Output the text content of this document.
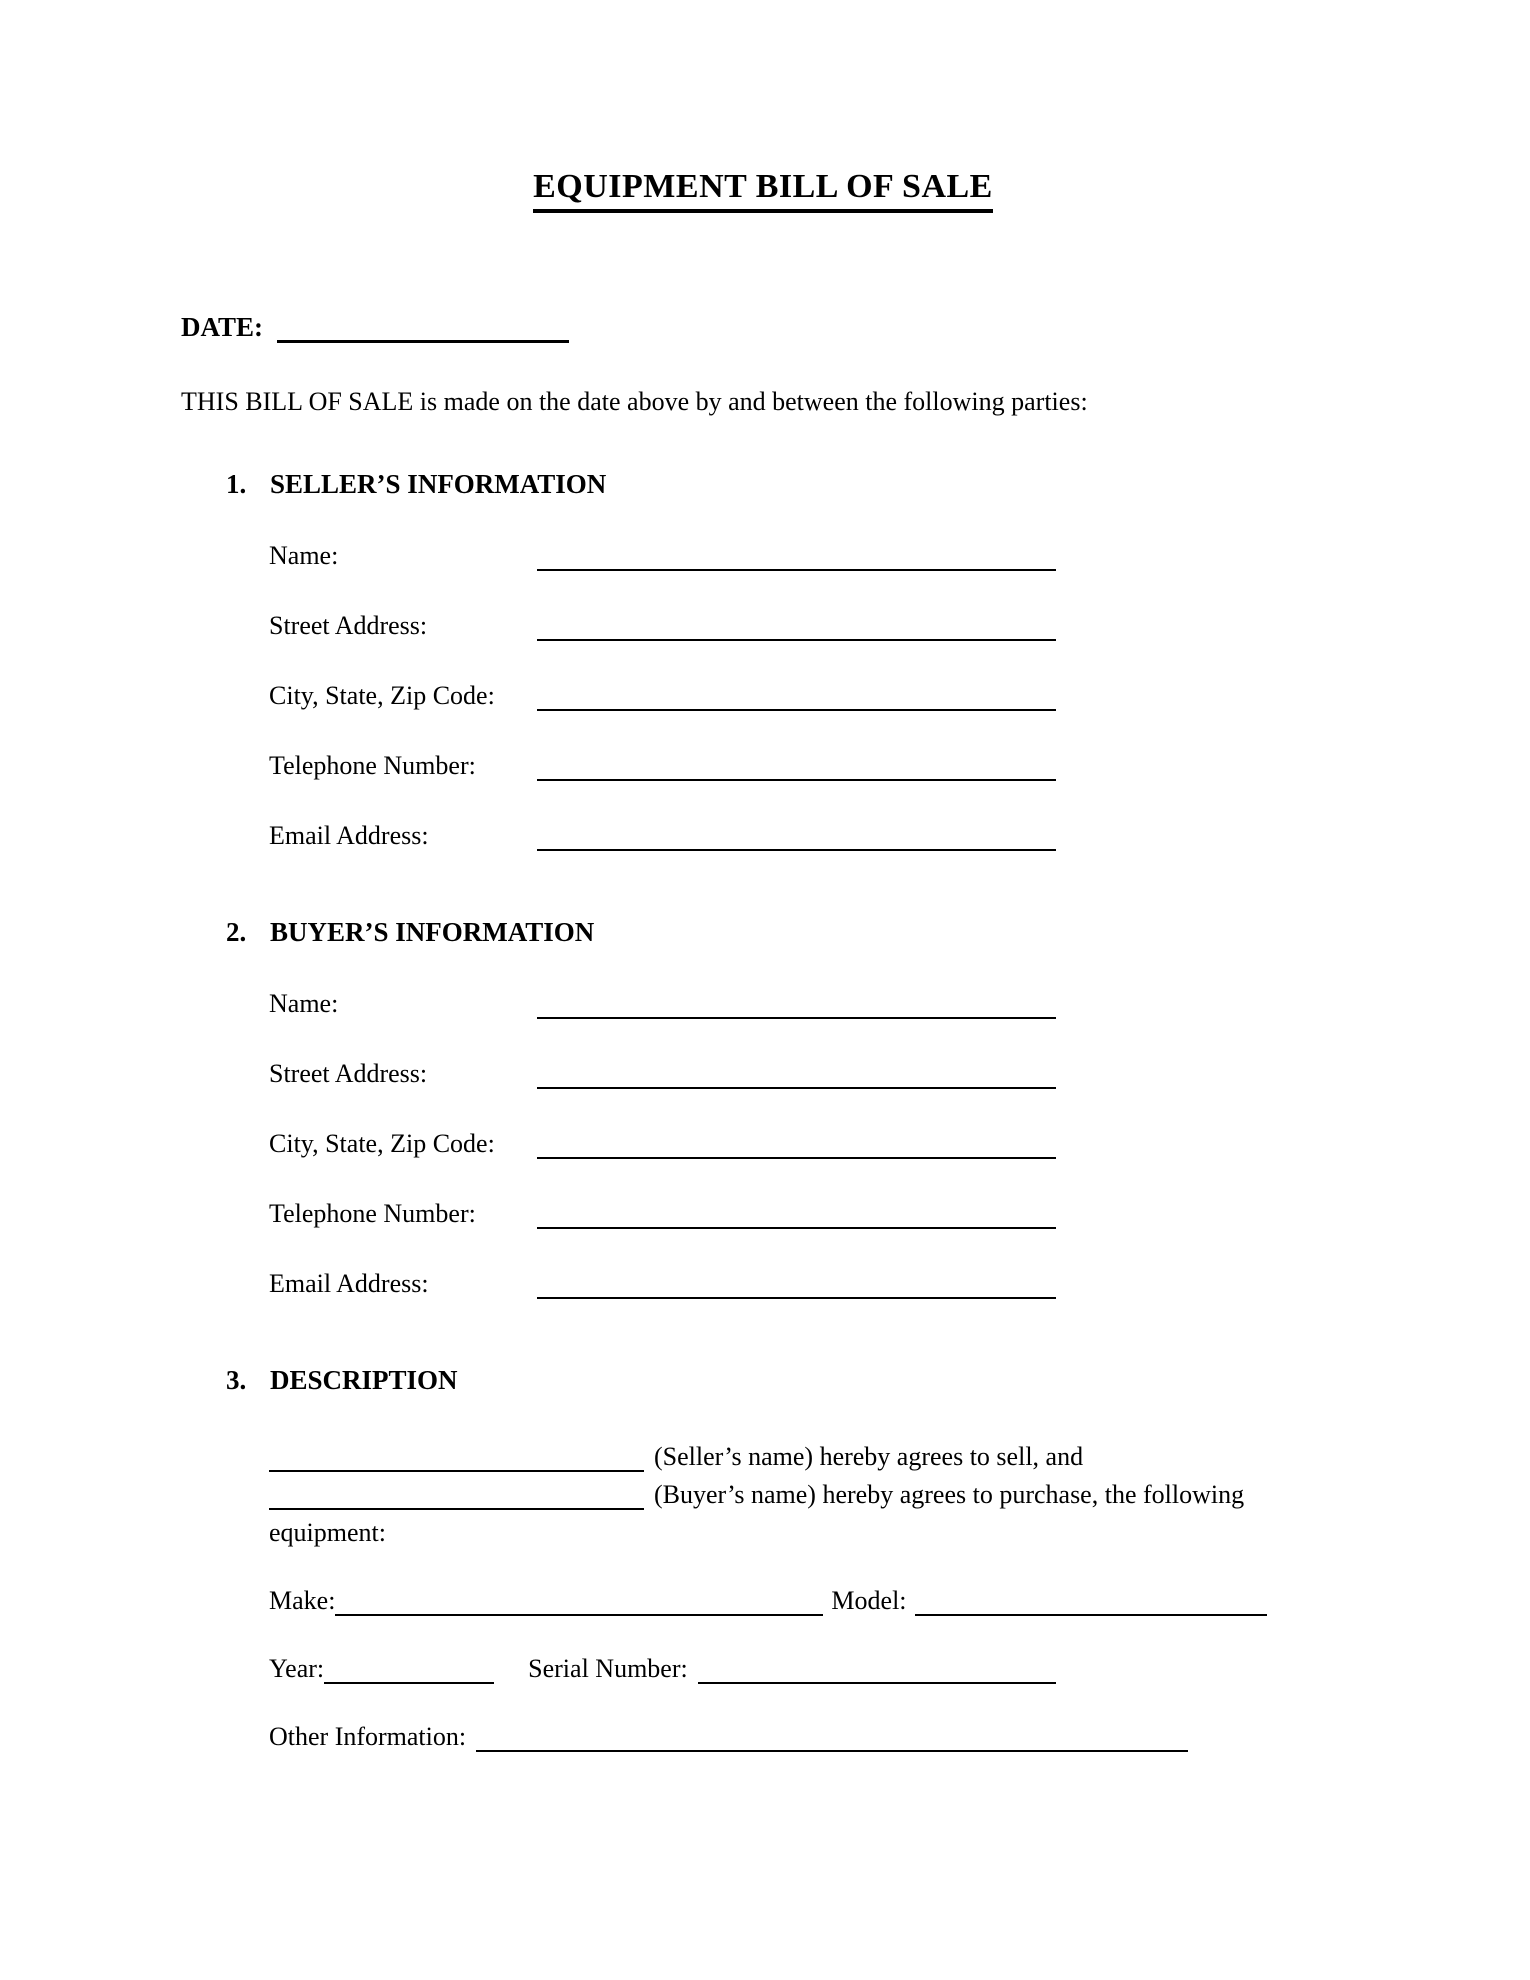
EQUIPMENT BILL OF SALE
DATE:

THIS BILL OF SALE is made on the date above by and between the following parties:

1. SELLER’S INFORMATION
Name:
Street Address:
City, State, Zip Code:
Telephone Number:
Email Address:
2. BUYER’S INFORMATION
Name:
Street Address:
City, State, Zip Code:
Telephone Number:
Email Address:
3. DESCRIPTION
(Seller’s name) hereby agrees to sell, and
(Buyer’s name) hereby agrees to purchase, the following
equipment:
Make:	Model:
Year:	Serial Number:
Other Information:
